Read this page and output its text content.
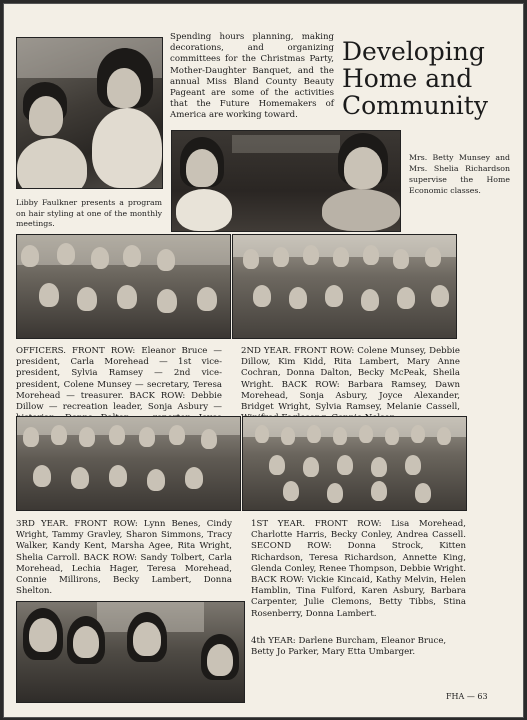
Spending hours planning, making decorations, and organizing committees for the Christmas Party, Mother-Daughter Banquet, and the annual Miss Bland County Beauty Pageant are some of the activities that the Future Homemakers of America are working toward.
Developing
Home and
Community
Libby Faulkner presents a program on hair styling at one of the monthly meetings.
Mrs. Betty Munsey and Mrs. Shelia Richardson supervise the Home Economic classes.
OFFICERS. FRONT ROW: Eleanor Bruce — president, Carla Morehead — 1st vice-president, Sylvia Ramsey — 2nd vice-president, Colene Munsey — secretary, Teresa Morehead — treasurer. BACK ROW: Debbie Dillow — recreation leader, Sonja Asbury —
2ND YEAR. FRONT ROW: Colene Munsey, Debbie Dillow, Kim Kidd, Rita Lambert, Mary Anne Cochran, Donna Dalton, Becky McPeak, Sheila Wright. BACK ROW: Barbara Ramsey, Dawn Morehead, Sonja Asbury, Joyce Alexander, Bridget Wright, Sylvia Ramsey, Melanie Cassell,
3RD YEAR. FRONT ROW: Lynn Benes, Cindy Wright, Tammy Gravley, Sharon Simmons, Tracy Walker, Kandy Kent, Marsha Agee, Rita Wright, Shelia Carroll. BACK ROW: Sandy Tolbert, Carla Morehead, Lechia Hager, Teresa Morehead, Connie Millirons, Becky Lambert, Donna Shelton.
1ST YEAR. FRONT ROW: Lisa Morehead, Charlotte Harris, Becky Conley, Andrea Cassell. SECOND ROW: Donna Strock, Kitten Richardson, Teresa Richardson, Annette King, Glenda Conley, Renee Thompson, Debbie Wright. BACK ROW: Vickie Kincaid, Kathy Melvin, Helen Hamblin, Tina Fulford, Karen Asbury, Barbara Carpenter, Julie Clemons, Betty Tibbs, Stina Rosenberry, Donna Lambert.
4th YEAR: Darlene Burcham, Eleanor Bruce, Betty Jo Parker, Mary Etta Umbarger.
FHA — 63
